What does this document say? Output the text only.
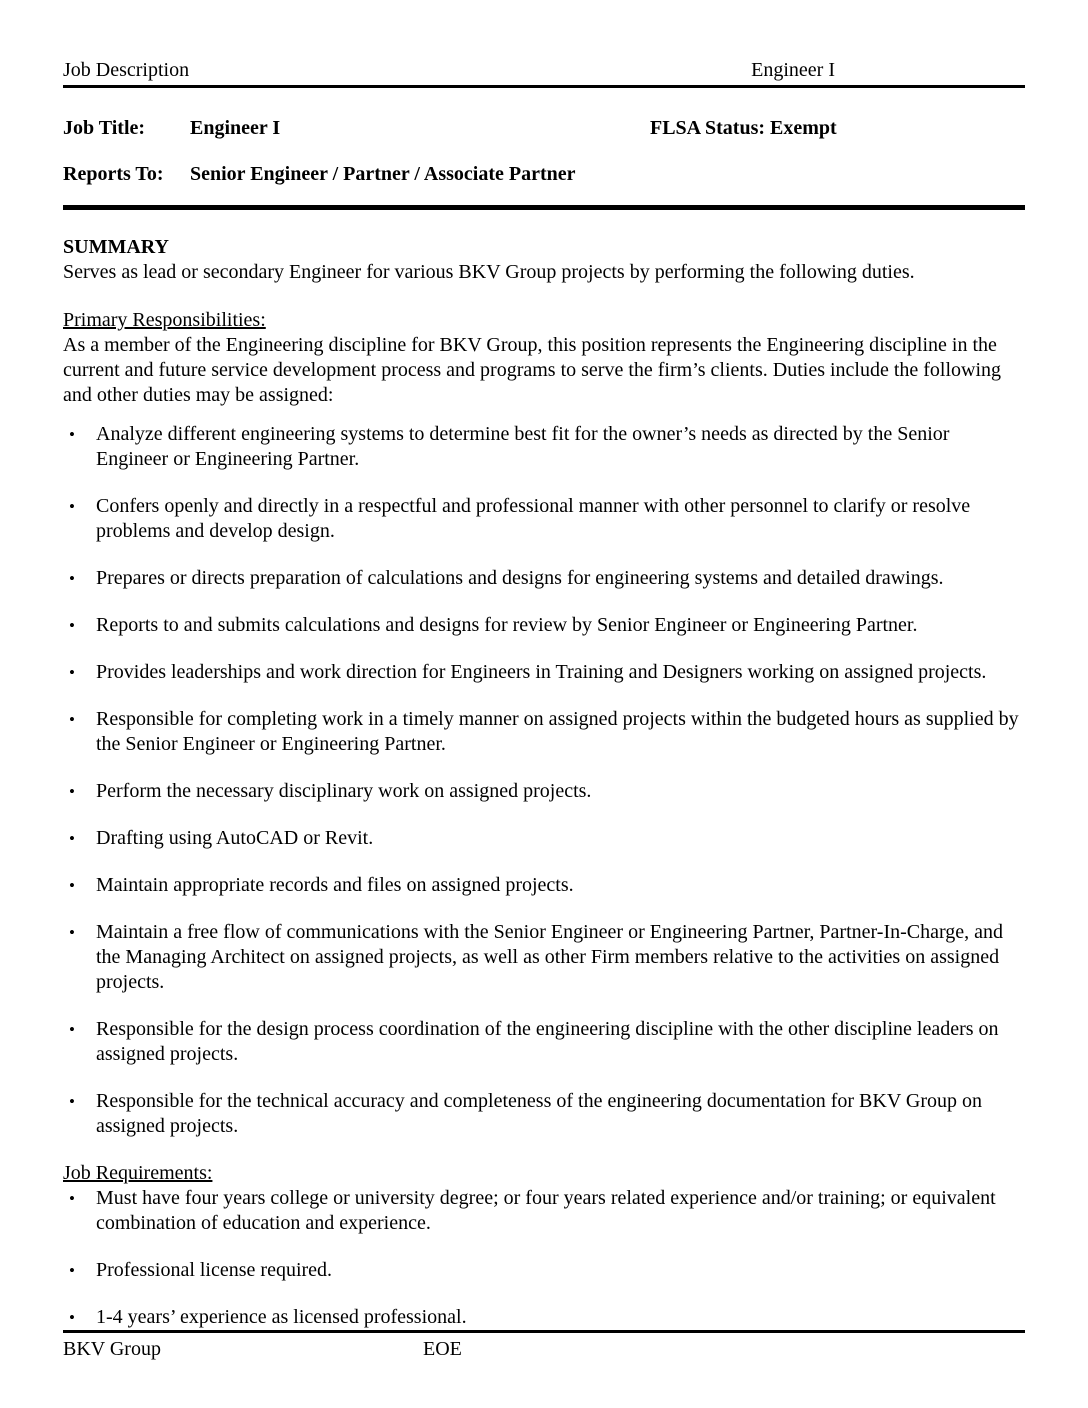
Job Description	Engineer I
Job Title:	Engineer I	FLSA Status: Exempt
Reports To:	Senior Engineer / Partner / Associate Partner
SUMMARY
Serves as lead or secondary Engineer for various BKV Group projects by performing the following duties.
Primary Responsibilities:
As a member of the Engineering discipline for BKV Group, this position represents the Engineering discipline in the current and future service development process and programs to serve the firm’s clients. Duties include the following and other duties may be assigned:
•	Analyze different engineering systems to determine best fit for the owner’s needs as directed by the Senior Engineer or Engineering Partner.
•	Confers openly and directly in a respectful and professional manner with other personnel to clarify or resolve problems and develop design.
•	Prepares or directs preparation of calculations and designs for engineering systems and detailed drawings.
•	Reports to and submits calculations and designs for review by Senior Engineer or Engineering Partner.
•	Provides leaderships and work direction for Engineers in Training and Designers working on assigned projects.
•	Responsible for completing work in a timely manner on assigned projects within the budgeted hours as supplied by the Senior Engineer or Engineering Partner.
•	Perform the necessary disciplinary work on assigned projects.
•	Drafting using AutoCAD or Revit.
•	Maintain appropriate records and files on assigned projects.
•	Maintain a free flow of communications with the Senior Engineer or Engineering Partner, Partner-In-Charge, and the Managing Architect on assigned projects, as well as other Firm members relative to the activities on assigned projects.
•	Responsible for the design process coordination of the engineering discipline with the other discipline leaders on assigned projects.
•	Responsible for the technical accuracy and completeness of the engineering documentation for BKV Group on assigned projects.
Job Requirements:
•	Must have four years college or university degree; or four years related experience and/or training; or equivalent combination of education and experience.
•	Professional license required.
•	1-4 years’ experience as licensed professional.
BKV Group	EOE
